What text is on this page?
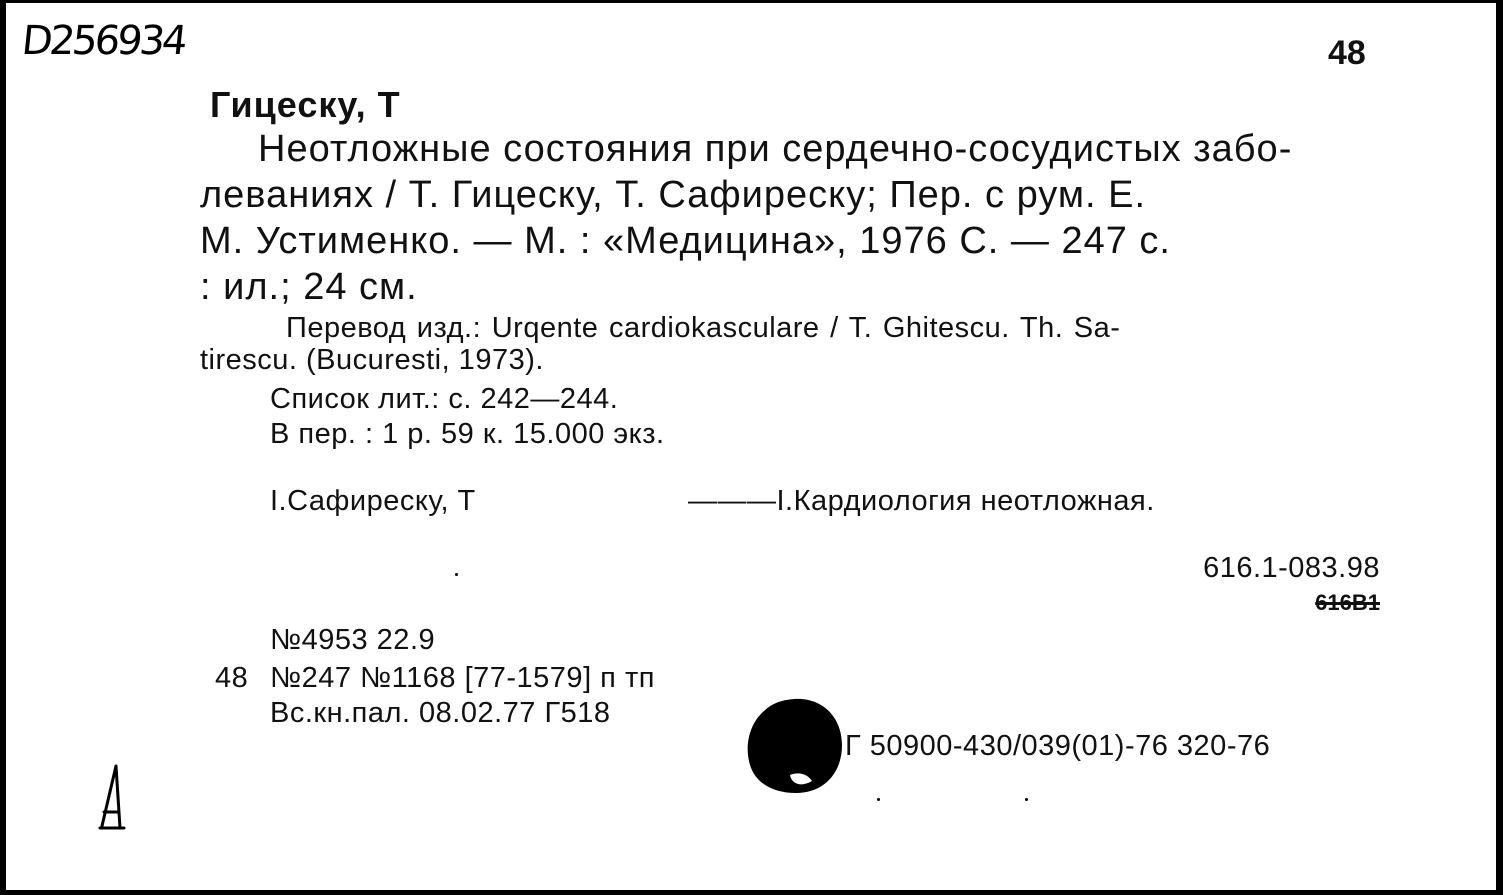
D256934	48
Гицеску, Т
Неотложные состояния при сердечно-сосудистых забо-
леваниях / Т. Гицеску, Т. Сафиреску; Пер. с рум. Е.
М. Устименко. — М. : «Медицина», 1976 С. — 247 с.
: ил.; 24 см.
Перевод изд.: Urqente cardiokasculare / T. Ghitescu. Th. Sa-
tirescu. (Bucuresti, 1973).
Список лит.: с. 242—244.
В пер. : 1 р. 59 к. 15.000 экз.
I.Сафиреску, Т	———I.Кардиология неотложная.
616.1-083.98
616B1
№4953 22.9
48 №247 №1168 [77-1579] п тп
Вс.кн.пал. 08.02.77 Г518
Г 50900-430/039(01)-76 320-76
